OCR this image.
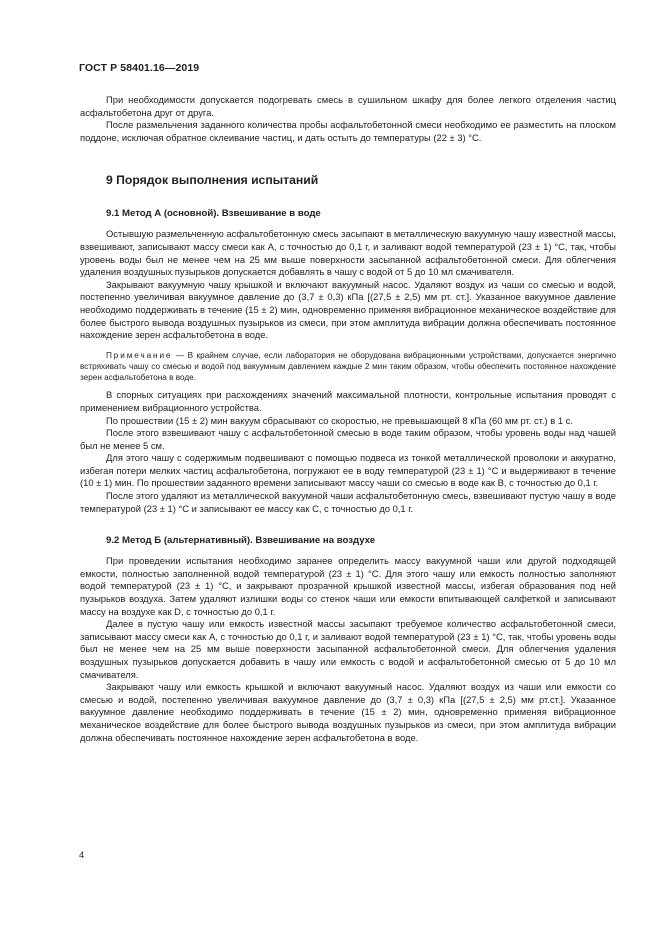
ГОСТ Р 58401.16—2019

При необходимости допускается подогревать смесь в сушильном шкафу для более легкого отделения частиц асфальтобетона друг от друга.

После размельчения заданного количества пробы асфальтобетонной смеси необходимо ее разместить на плоском поддоне, исключая обратное склеивание частиц, и дать остыть до температуры (22 ± 3) °C.

9 Порядок выполнения испытаний
9.1 Метод А (основной). Взвешивание в воде

Остывшую размельченную асфальтобетонную смесь засыпают в металлическую вакуумную чашу известной массы, взвешивают, записывают массу смеси как А, с точностью до 0,1 г, и заливают водой температурой (23 ± 1) °C, так, чтобы уровень воды был не менее чем на 25 мм выше поверхности засыпанной асфальтобетонной смеси. Для облегчения удаления воздушных пузырьков допускается добавлять в чашу с водой от 5 до 10 мл смачивателя.

Закрывают вакуумную чашу крышкой и включают вакуумный насос. Удаляют воздух из чаши со смесью и водой, постепенно увеличивая вакуумное давление до (3,7 ± 0,3) кПа [(27,5 ± 2,5) мм рт. ст.]. Указанное вакуумное давление необходимо поддерживать в течение (15 ± 2) мин, одновременно применяя вибрационное механическое воздействие для более быстрого вывода воздушных пузырьков из смеси, при этом амплитуда вибрации должна обеспечивать постоянное нахождение зерен асфальтобетона в воде.

Примечание — В крайнем случае, если лаборатория не оборудована вибрационными устройствами, допускается энергично встряхивать чашу со смесью и водой под вакуумным давлением каждые 2 мин таким образом, чтобы обеспечить постоянное нахождение зерен асфальтобетона в воде.

В спорных ситуациях при расхождениях значений максимальной плотности, контрольные испытания проводят с применением вибрационного устройства.

По прошествии (15 ± 2) мин вакуум сбрасывают со скоростью, не превышающей 8 кПа (60 мм рт. ст.) в 1 с.

После этого взвешивают чашу с асфальтобетонной смесью в воде таким образом, чтобы уровень воды над чашей был не менее 5 см.

Для этого чашу с содержимым подвешивают с помощью подвеса из тонкой металлической проволоки и аккуратно, избегая потери мелких частиц асфальтобетона, погружают ее в воду температурой (23 ± 1) °C и выдерживают в течение (10 ± 1) мин. По прошествии заданного времени записывают массу чаши со смесью в воде как В, с точностью до 0,1 г.

После этого удаляют из металлической вакуумной чаши асфальтобетонную смесь, взвешивают пустую чашу в воде температурой (23 ± 1) °C и записывают ее массу как С, с точностью до 0,1 г.

9.2 Метод Б (альтернативный). Взвешивание на воздухе

При проведении испытания необходимо заранее определить массу вакуумной чаши или другой подходящей емкости, полностью заполненной водой температурой (23 ± 1) °C. Для этого чашу или емкость полностью заполняют водой температурой (23 ± 1) °C, и закрывают прозрачной крышкой известной массы, избегая образования под ней пузырьков воздуха. Затем удаляют излишки воды со стенок чаши или емкости впитывающей салфеткой и записывают массу на воздухе как D, с точностью до 0,1 г.

Далее в пустую чашу или емкость известной массы засыпают требуемое количество асфальтобетонной смеси, записывают массу смеси как А, с точностью до 0,1 г, и заливают водой температурой (23 ± 1) °C, так, чтобы уровень воды был не менее чем на 25 мм выше поверхности засыпанной асфальтобетонной смеси. Для облегчения удаления воздушных пузырьков допускается добавить в чашу или емкость с водой и асфальтобетонной смесью от 5 до 10 мл смачивателя.

Закрывают чашу или емкость крышкой и включают вакуумный насос. Удаляют воздух из чаши или емкости со смесью и водой, постепенно увеличивая вакуумное давление до (3,7 ± 0,3) кПа [(27,5 ± 2,5) мм рт.ст.]. Указанное вакуумное давление необходимо поддерживать в течение (15 ± 2) мин, одновременно применяя вибрационное механическое воздействие для более быстрого вывода воздушных пузырьков из смеси, при этом амплитуда вибрации должна обеспечивать постоянное нахождение зерен асфальтобетона в воде.

4
